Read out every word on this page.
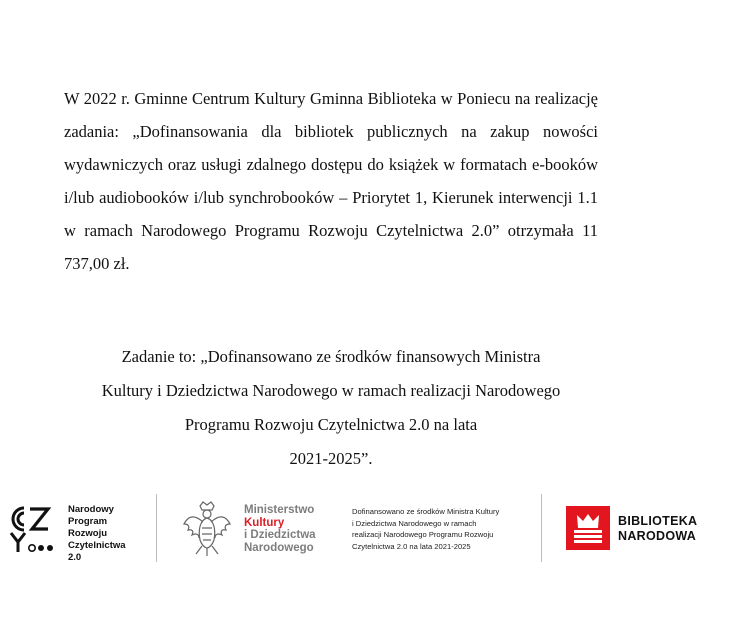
W 2022 r. Gminne Centrum Kultury Gminna Biblioteka w Poniecu na realizację zadania: „Dofinansowania dla bibliotek publicznych na zakup nowości wydawniczych oraz usługi zdalnego dostępu do książek w formatach e-booków i/lub audiobooków i/lub synchrobooków – Priorytet 1, Kierunek interwencji 1.1 w ramach Narodowego Programu Rozwoju Czytelnictwa 2.0” otrzymała 11 737,00 zł.
Zadanie to: „Dofinansowano ze środków finansowych Ministra
Kultury i Dziedzictwa Narodowego w ramach realizacji Narodowego
Programu Rozwoju Czytelnictwa 2.0 na lata
2021-2025”.
Narodowy
Program
Rozwoju
Czytelnictwa
2.0
Ministerstwo
Kultury
i Dziedzictwa
Narodowego
Dofinansowano ze środków Ministra Kultury
i Dziedzictwa Narodowego w ramach
realizacji Narodowego Programu Rozwoju
Czytelnictwa 2.0 na lata 2021-2025
BIBLIOTEKA
NARODOWA
